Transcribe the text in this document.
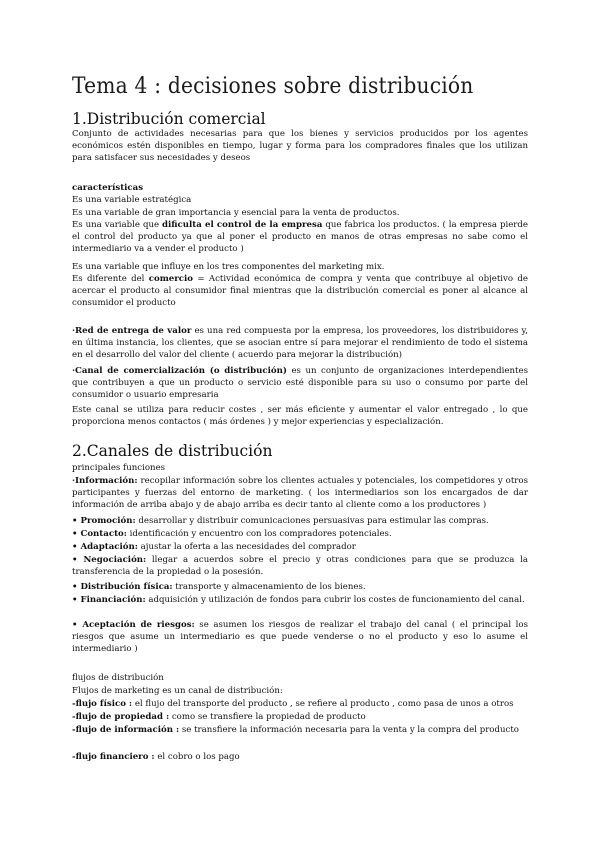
Tema 4 : decisiones sobre distribución
1.Distribución comercial
Conjunto de actividades necesarias para que los bienes y servicios producidos por los agentes económicos estén disponibles en tiempo, lugar y forma para los compradores finales que los utilizan para satisfacer sus necesidades y deseos
características
Es una variable estratégica
Es una variable de gran importancia y esencial para la venta de productos.
Es una variable que dificulta el control de la empresa que fabrica los productos. ( la empresa pierde el control del producto ya que al poner el producto en manos de otras empresas no sabe como el intermediario va a vender el producto )
Es una variable que influye en los tres componentes del marketing mix.
Es diferente del comercio = Actividad económica de compra y venta que contribuye al objetivo de acercar el producto al consumidor final mientras que la distribución comercial es poner al alcance al consumidor el producto
·Red de entrega de valor es una red compuesta por la empresa, los proveedores, los distribuidores y, en última instancia, los clientes, que se asocian entre sí para mejorar el rendimiento de todo el sistema en el desarrollo del valor del cliente ( acuerdo para mejorar la distribución)
·Canal de comercialización (o distribución) es un conjunto de organizaciones interdependientes que contribuyen a que un producto o servicio esté disponible para su uso o consumo por parte del consumidor o usuario empresaria
Este canal se utiliza para reducir costes , ser más eficiente y aumentar el valor entregado , lo que proporciona menos contactos ( más órdenes ) y mejor experiencias y especialización.
2.Canales de distribución
principales funciones
·Información: recopilar información sobre los clientes actuales y potenciales, los competidores y otros participantes y fuerzas del entorno de marketing. ( los intermediarios son los encargados de dar información de arriba abajo y de abajo arriba es decir tanto al cliente como a los productores )
• Promoción: desarrollar y distribuir comunicaciones persuasivas para estimular las compras.
• Contacto: identificación y encuentro con los compradores potenciales.
• Adaptación: ajustar la oferta a las necesidades del comprador
• Negociación: llegar a acuerdos sobre el precio y otras condiciones para que se produzca la transferencia de la propiedad o la posesión.
• Distribución física: transporte y almacenamiento de los bienes.
• Financiación: adquisición y utilización de fondos para cubrir los costes de funcionamiento del canal.
• Aceptación de riesgos: se asumen los riesgos de realizar el trabajo del canal ( el principal los riesgos que asume un intermediario es que puede venderse o no el producto y eso lo asume el intermediario )
flujos de distribución
Flujos de marketing es un canal de distribución:
-flujo físico : el flujo del transporte del producto , se refiere al producto , como pasa de unos a otros
-flujo de propiedad : como se transfiere la propiedad de producto
-flujo de información : se transfiere la información necesaria para la venta y la compra del producto
-flujo financiero : el cobro o los pago
